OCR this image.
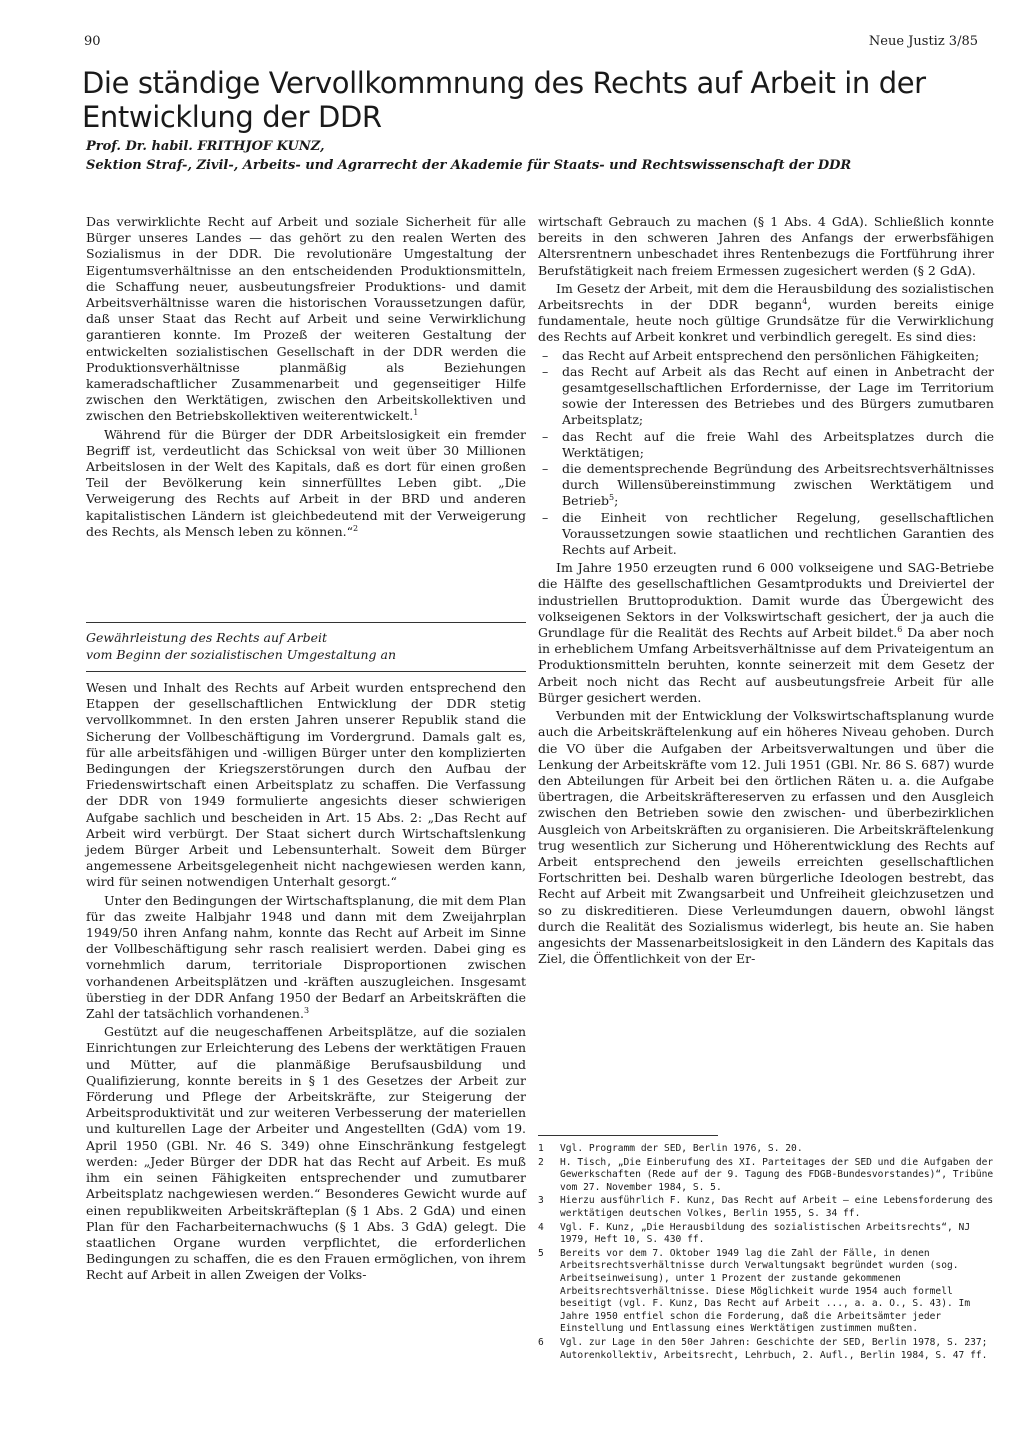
90	Neue Justiz 3/85
Die ständige Vervollkommnung des Rechts auf Arbeit in der Entwicklung der DDR
Prof. Dr. habil. FRITHJOF KUNZ,
Sektion Straf-, Zivil-, Arbeits- und Agrarrecht der Akademie für Staats- und Rechtswissenschaft der DDR

Das verwirklichte Recht auf Arbeit und soziale Sicherheit für alle Bürger unseres Landes — das gehört zu den realen Werten des Sozialismus in der DDR. Die revolutionäre Umgestaltung der Eigentumsverhältnisse an den entscheidenden Produktionsmitteln, die Schaffung neuer, ausbeutungsfreier Produktions- und damit Arbeitsverhältnisse waren die historischen Voraussetzungen dafür, daß unser Staat das Recht auf Arbeit und seine Verwirklichung garantieren konnte. Im Prozeß der weiteren Gestaltung der entwickelten sozialistischen Gesellschaft in der DDR werden die Produktionsverhältnisse planmäßig als Beziehungen kameradschaftlicher Zusammenarbeit und gegenseitiger Hilfe zwischen den Werktätigen, zwischen den Arbeitskollektiven und zwischen den Betriebskollektiven weiterentwickelt.$^1$

Während für die Bürger der DDR Arbeitslosigkeit ein fremder Begriff ist, verdeutlicht das Schicksal von weit über 30 Millionen Arbeitslosen in der Welt des Kapitals, daß es dort für einen großen Teil der Bevölkerung kein sinnerfülltes Leben gibt. „Die Verweigerung des Rechts auf Arbeit in der BRD und anderen kapitalistischen Ländern ist gleichbedeutend mit der Verweigerung des Rechts, als Mensch leben zu können.“$^2$

Gewährleistung des Rechts auf Arbeit
vom Beginn der sozialistischen Umgestaltung an

Wesen und Inhalt des Rechts auf Arbeit wurden entsprechend den Etappen der gesellschaftlichen Entwicklung der DDR stetig vervollkommnet. In den ersten Jahren unserer Republik stand die Sicherung der Vollbeschäftigung im Vordergrund. Damals galt es, für alle arbeitsfähigen und -willigen Bürger unter den komplizierten Bedingungen der Kriegszerstörungen durch den Aufbau der Friedenswirtschaft einen Arbeitsplatz zu schaffen. Die Verfassung der DDR von 1949 formulierte angesichts dieser schwierigen Aufgabe sachlich und bescheiden in Art. 15 Abs. 2: „Das Recht auf Arbeit wird verbürgt. Der Staat sichert durch Wirtschaftslenkung jedem Bürger Arbeit und Lebensunterhalt. Soweit dem Bürger angemessene Arbeitsgelegenheit nicht nachgewiesen werden kann, wird für seinen notwendigen Unterhalt gesorgt.“

Unter den Bedingungen der Wirtschaftsplanung, die mit dem Plan für das zweite Halbjahr 1948 und dann mit dem Zweijahrplan 1949/50 ihren Anfang nahm, konnte das Recht auf Arbeit im Sinne der Vollbeschäftigung sehr rasch realisiert werden. Dabei ging es vornehmlich darum, territoriale Disproportionen zwischen vorhandenen Arbeitsplätzen und -kräften auszugleichen. Insgesamt überstieg in der DDR Anfang 1950 der Bedarf an Arbeitskräften die Zahl der tatsächlich vorhandenen.$^3$

Gestützt auf die neugeschaffenen Arbeitsplätze, auf die sozialen Einrichtungen zur Erleichterung des Lebens der werktätigen Frauen und Mütter, auf die planmäßige Berufsausbildung und Qualifizierung, konnte bereits in § 1 des Gesetzes der Arbeit zur Förderung und Pflege der Arbeitskräfte, zur Steigerung der Arbeitsproduktivität und zur weiteren Verbesserung der materiellen und kulturellen Lage der Arbeiter und Angestellten (GdA) vom 19. April 1950 (GBl. Nr. 46 S. 349) ohne Einschränkung festgelegt werden: „Jeder Bürger der DDR hat das Recht auf Arbeit. Es muß ihm ein seinen Fähigkeiten entsprechender und zumutbarer Arbeitsplatz nachgewiesen werden.“ Besonderes Gewicht wurde auf einen republikweiten Arbeitskräfteplan (§ 1 Abs. 2 GdA) und einen Plan für den Facharbeiternachwuchs (§ 1 Abs. 3 GdA) gelegt. Die staatlichen Organe wurden verpflichtet, die erforderlichen Bedingungen zu schaffen, die es den Frauen ermöglichen, von ihrem Recht auf Arbeit in allen Zweigen der Volks-

wirtschaft Gebrauch zu machen (§ 1 Abs. 4 GdA). Schließlich konnte bereits in den schweren Jahren des Anfangs der erwerbsfähigen Altersrentnern unbeschadet ihres Rentenbezugs die Fortführung ihrer Berufstätigkeit nach freiem Ermessen zugesichert werden (§ 2 GdA).

Im Gesetz der Arbeit, mit dem die Herausbildung des sozialistischen Arbeitsrechts in der DDR begann$^4$, wurden bereits einige fundamentale, heute noch gültige Grundsätze für die Verwirklichung des Rechts auf Arbeit konkret und verbindlich geregelt. Es sind dies:

– das Recht auf Arbeit entsprechend den persönlichen Fähigkeiten;
– das Recht auf Arbeit als das Recht auf einen in Anbetracht der gesamtgesellschaftlichen Erfordernisse, der Lage im Territorium sowie der Interessen des Betriebes und des Bürgers zumutbaren Arbeitsplatz;
– das Recht auf die freie Wahl des Arbeitsplatzes durch die Werktätigen;
– die dementsprechende Begründung des Arbeitsrechtsverhältnisses durch Willensübereinstimmung zwischen Werktätigem und Betrieb$^5$;
– die Einheit von rechtlicher Regelung, gesellschaftlichen Voraussetzungen sowie staatlichen und rechtlichen Garantien des Rechts auf Arbeit.

Im Jahre 1950 erzeugten rund 6 000 volkseigene und SAG-Betriebe die Hälfte des gesellschaftlichen Gesamtprodukts und Dreiviertel der industriellen Bruttoproduktion. Damit wurde das Übergewicht des volkseigenen Sektors in der Volkswirtschaft gesichert, der ja auch die Grundlage für die Realität des Rechts auf Arbeit bildet.$^6$ Da aber noch in erheblichem Umfang Arbeitsverhältnisse auf dem Privateigentum an Produktionsmitteln beruhten, konnte seinerzeit mit dem Gesetz der Arbeit noch nicht das Recht auf ausbeutungsfreie Arbeit für alle Bürger gesichert werden.

Verbunden mit der Entwicklung der Volkswirtschaftsplanung wurde auch die Arbeitskräftelenkung auf ein höheres Niveau gehoben. Durch die VO über die Aufgaben der Arbeitsverwaltungen und über die Lenkung der Arbeitskräfte vom 12. Juli 1951 (GBl. Nr. 86 S. 687) wurde den Abteilungen für Arbeit bei den örtlichen Räten u. a. die Aufgabe übertragen, die Arbeitskräftereserven zu erfassen und den Ausgleich zwischen den Betrieben sowie den zwischen- und überbezirklichen Ausgleich von Arbeitskräften zu organisieren. Die Arbeitskräftelenkung trug wesentlich zur Sicherung und Höherentwicklung des Rechts auf Arbeit entsprechend den jeweils erreichten gesellschaftlichen Fortschritten bei. Deshalb waren bürgerliche Ideologen bestrebt, das Recht auf Arbeit mit Zwangsarbeit und Unfreiheit gleichzusetzen und so zu diskreditieren. Diese Verleumdungen dauern, obwohl längst durch die Realität des Sozialismus widerlegt, bis heute an. Sie haben angesichts der Massenarbeitslosigkeit in den Ländern des Kapitals das Ziel, die Öffentlichkeit von der Er-

1	Vgl. Programm der SED, Berlin 1976, S. 20.
2	H. Tisch, „Die Einberufung des XI. Parteitages der SED und die Aufgaben der Gewerkschaften (Rede auf der 9. Tagung des FDGB-Bundesvorstandes)“, Tribüne vom 27. November 1984, S. 5.
3	Hierzu ausführlich F. Kunz, Das Recht auf Arbeit — eine Lebensforderung des werktätigen deutschen Volkes, Berlin 1955, S. 34 ff.
4	Vgl. F. Kunz, „Die Herausbildung des sozialistischen Arbeitsrechts“, NJ 1979, Heft 10, S. 430 ff.
5	Bereits vor dem 7. Oktober 1949 lag die Zahl der Fälle, in denen Arbeitsrechtsverhältnisse durch Verwaltungsakt begründet wurden (sog. Arbeitseinweisung), unter 1 Prozent der zustande gekommenen Arbeitsrechtsverhältnisse. Diese Möglichkeit wurde 1954 auch formell beseitigt (vgl. F. Kunz, Das Recht auf Arbeit ..., a. a. O., S. 43). Im Jahre 1950 entfiel schon die Forderung, daß die Arbeitsämter jeder Einstellung und Entlassung eines Werktätigen zustimmen mußten.
6	Vgl. zur Lage in den 50er Jahren: Geschichte der SED, Berlin 1978, S. 237; Autorenkollektiv, Arbeitsrecht, Lehrbuch, 2. Aufl., Berlin 1984, S. 47 ff.
